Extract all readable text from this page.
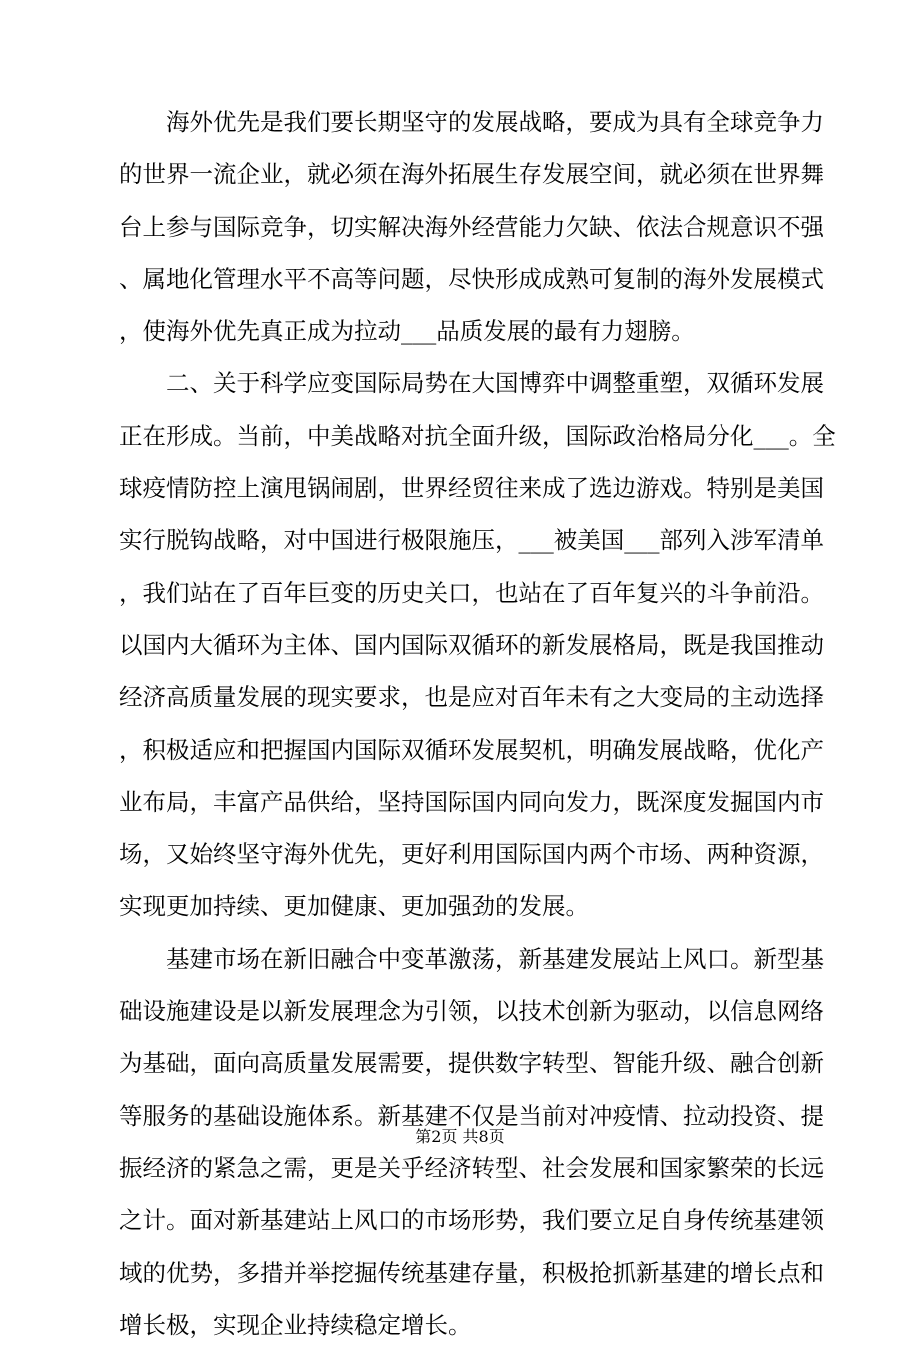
　　海外优先是我们要长期坚守的发展战略，要成为具有全球竞争力
的世界一流企业，就必须在海外拓展生存发展空间，就必须在世界舞
台上参与国际竞争，切实解决海外经营能力欠缺、依法合规意识不强
、属地化管理水平不高等问题，尽快形成成熟可复制的海外发展模式
，使海外优先真正成为拉动___品质发展的最有力翅膀。
　　二、关于科学应变国际局势在大国博弈中调整重塑，双循环发展
正在形成。当前，中美战略对抗全面升级，国际政治格局分化___。全
球疫情防控上演甩锅闹剧，世界经贸往来成了选边游戏。特别是美国
实行脱钩战略，对中国进行极限施压，___被美国___部列入涉军清单
，我们站在了百年巨变的历史关口，也站在了百年复兴的斗争前沿。
以国内大循环为主体、国内国际双循环的新发展格局，既是我国推动
经济高质量发展的现实要求，也是应对百年未有之大变局的主动选择
，积极适应和把握国内国际双循环发展契机，明确发展战略，优化产
业布局，丰富产品供给，坚持国际国内同向发力，既深度发掘国内市
场，又始终坚守海外优先，更好利用国际国内两个市场、两种资源，
实现更加持续、更加健康、更加强劲的发展。
　　基建市场在新旧融合中变革激荡，新基建发展站上风口。新型基
础设施建设是以新发展理念为引领，以技术创新为驱动，以信息网络
为基础，面向高质量发展需要，提供数字转型、智能升级、融合创新
等服务的基础设施体系。新基建不仅是当前对冲疫情、拉动投资、提
振经济的紧急之需，更是关乎经济转型、社会发展和国家繁荣的长远
之计。面对新基建站上风口的市场形势，我们要立足自身传统基建领
域的优势，多措并举挖掘传统基建存量，积极抢抓新基建的增长点和
增长极，实现企业持续稳定增长。
第2页 共8页
